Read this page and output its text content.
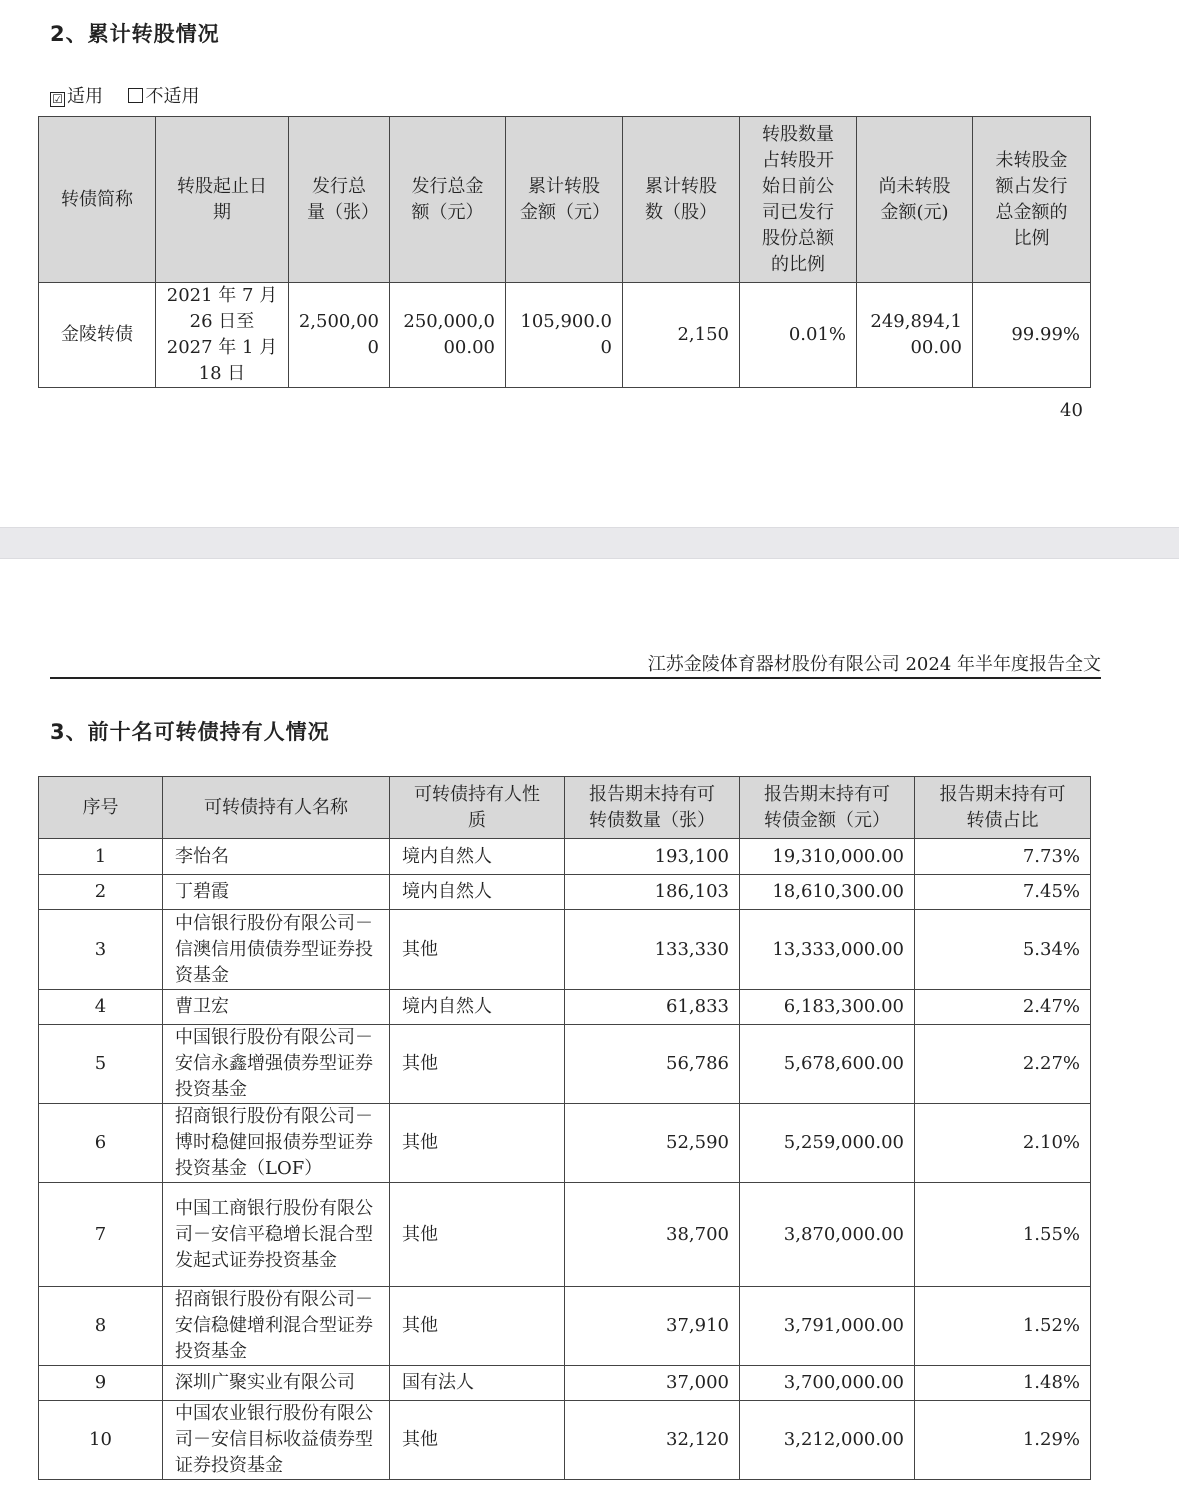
2、累计转股情况
☑ 适用 不适用
转债简称	转股起止日期	发行总量（张）	发行总金额（元）	累计转股金额（元）	累计转股数（股）	转股数量占转股开始日前公司已发行股份总额的比例	尚未转股金额(元)	未转股金额占发行总金额的比例
金陵转债	2021 年 7 月 26 日至 2027 年 1 月 18 日	2,500,000	250,000,000.00	105,900.00	2,150	0.01%	249,894,100.00	99.99%
40
江苏金陵体育器材股份有限公司 2024 年半年度报告全文
3、前十名可转债持有人情况
序号	可转债持有人名称	可转债持有人性质	报告期末持有可转债数量（张）	报告期末持有可转债金额（元）	报告期末持有可转债占比
1	李怡名	境内自然人	193,100	19,310,000.00	7.73%
2	丁碧霞	境内自然人	186,103	18,610,300.00	7.45%
3	中信银行股份有限公司－信澳信用债债券型证券投资基金	其他	133,330	13,333,000.00	5.34%
4	曹卫宏	境内自然人	61,833	6,183,300.00	2.47%
5	中国银行股份有限公司－安信永鑫增强债券型证券投资基金	其他	56,786	5,678,600.00	2.27%
6	招商银行股份有限公司－博时稳健回报债券型证券投资基金（LOF）	其他	52,590	5,259,000.00	2.10%
7	中国工商银行股份有限公司－安信平稳增长混合型发起式证券投资基金	其他	38,700	3,870,000.00	1.55%
8	招商银行股份有限公司－安信稳健增利混合型证券投资基金	其他	37,910	3,791,000.00	1.52%
9	深圳广聚实业有限公司	国有法人	37,000	3,700,000.00	1.48%
10	中国农业银行股份有限公司－安信目标收益债券型证券投资基金	其他	32,120	3,212,000.00	1.29%
